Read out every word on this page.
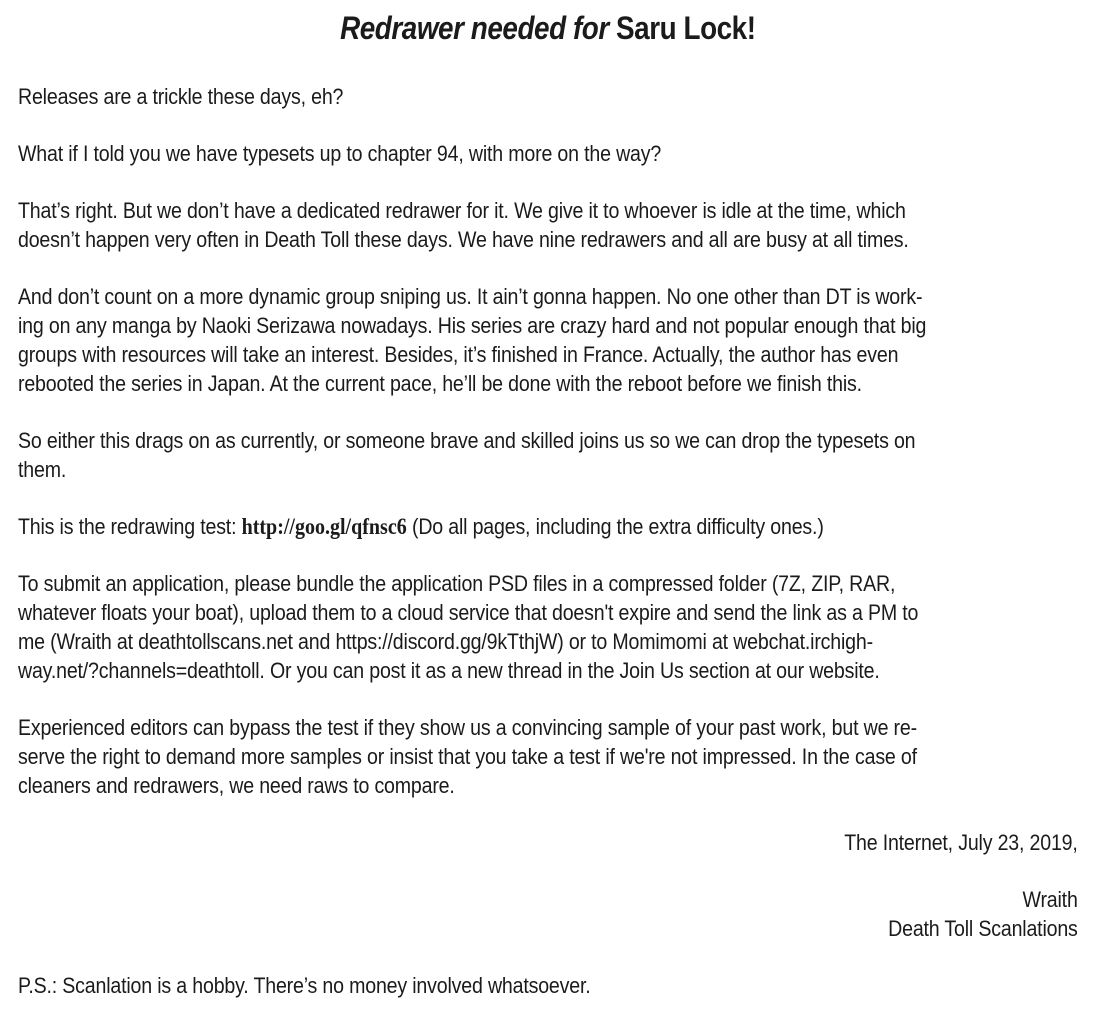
Redrawer needed for Saru Lock!
Releases are a trickle these days, eh?
What if I told you we have typesets up to chapter 94, with more on the way?
That’s right. But we don’t have a dedicated redrawer for it. We give it to whoever is idle at the time, which
doesn’t happen very often in Death Toll these days. We have nine redrawers and all are busy at all times.
And don’t count on a more dynamic group sniping us. It ain’t gonna happen. No one other than DT is work-
ing on any manga by Naoki Serizawa nowadays. His series are crazy hard and not popular enough that big
groups with resources will take an interest. Besides, it’s finished in France. Actually, the author has even
rebooted the series in Japan. At the current pace, he’ll be done with the reboot before we finish this.
So either this drags on as currently, or someone brave and skilled joins us so we can drop the typesets on
them.
This is the redrawing test: http://goo.gl/qfnsc6 (Do all pages, including the extra difficulty ones.)
To submit an application, please bundle the application PSD files in a compressed folder (7Z, ZIP, RAR,
whatever floats your boat), upload them to a cloud service that doesn't expire and send the link as a PM to
me (Wraith at deathtollscans.net and https://discord.gg/9kTthjW) or to Momimomi at webchat.irchigh-
way.net/?channels=deathtoll. Or you can post it as a new thread in the Join Us section at our website.
Experienced editors can bypass the test if they show us a convincing sample of your past work, but we re-
serve the right to demand more samples or insist that you take a test if we're not impressed. In the case of
cleaners and redrawers, we need raws to compare.
The Internet, July 23, 2019,
Wraith
Death Toll Scanlations
P.S.: Scanlation is a hobby. There’s no money involved whatsoever.
